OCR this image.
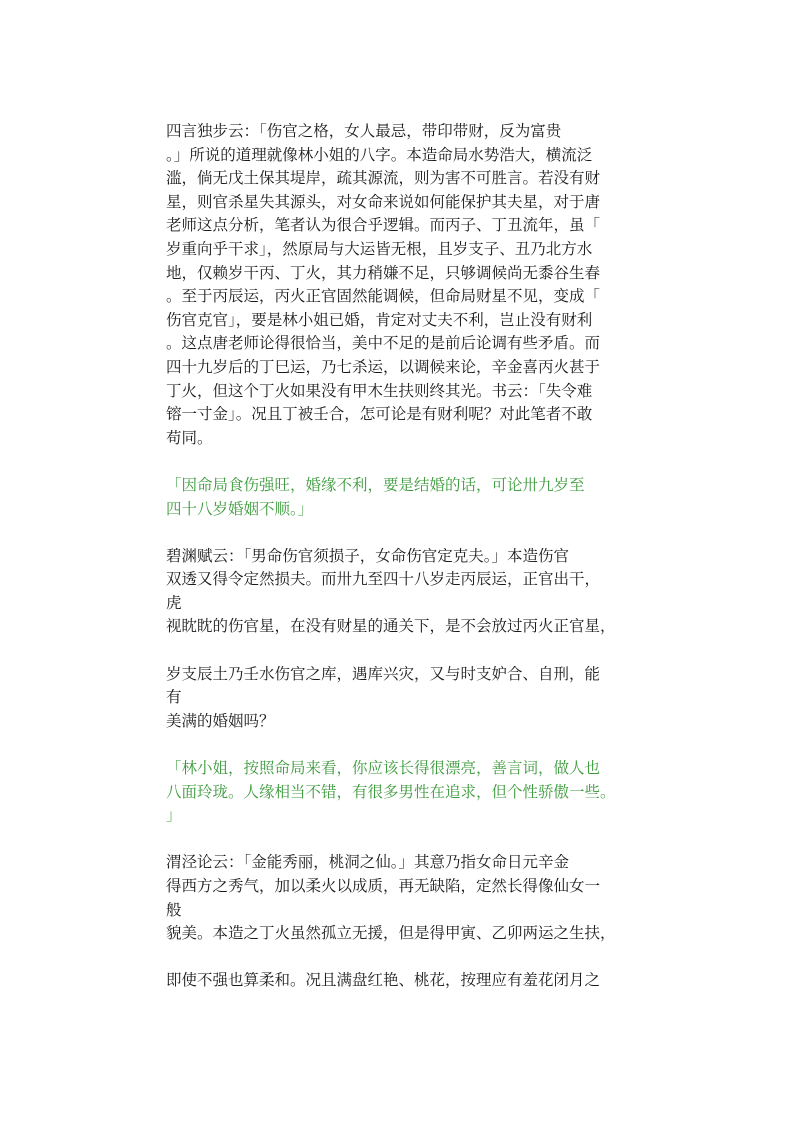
四言独步云：「伤官之格，女人最忌，带印带财，反为富贵
。」所说的道理就像林小姐的八字。本造命局水势浩大，横流泛
滥，倘无戊土保其堤岸，疏其源流，则为害不可胜言。若没有财
星，则官杀星失其源头，对女命来说如何能保护其夫星，对于唐
老师这点分析，笔者认为很合乎逻辑。而丙子、丁丑流年，虽「
岁重向乎干求」，然原局与大运皆无根，且岁支子、丑乃北方水
地，仅赖岁干丙、丁火，其力稍嫌不足，只够调候尚无黍谷生春
。至于丙辰运，丙火正官固然能调候，但命局财星不见，变成「
伤官克官」，要是林小姐已婚，肯定对丈夫不利，岂止没有财利
。这点唐老师论得很恰当，美中不足的是前后论调有些矛盾。而
四十九岁后的丁巳运，乃七杀运，以调候来论，辛金喜丙火甚于
丁火，但这个丁火如果没有甲木生扶则终其光。书云：「失令难
镕一寸金」。况且丁被壬合，怎可论是有财利呢？对此笔者不敢
苟同。
「因命局食伤强旺，婚缘不利，要是结婚的话，可论卅九岁至
四十八岁婚姻不顺。」
碧渊赋云：「男命伤官须损子，女命伤官定克夫。」本造伤官
双透又得令定然损夫。而卅九至四十八岁走丙辰运，正官出干，
虎
视眈眈的伤官星，在没有财星的通关下，是不会放过丙火正官星，
岁支辰土乃壬水伤官之库，遇库兴灾，又与时支妒合、自刑，能
有
美满的婚姻吗？
「林小姐，按照命局来看，你应该长得很漂亮，善言词，做人也
八面玲珑。人缘相当不错，有很多男性在追求，但个性骄傲一些。
」
渭泾论云：「金能秀丽，桃洞之仙。」其意乃指女命日元辛金
得西方之秀气，加以柔火以成质，再无缺陷，定然长得像仙女一
般
貌美。本造之丁火虽然孤立无援，但是得甲寅、乙卯两运之生扶，
即使不强也算柔和。况且满盘红艳、桃花，按理应有羞花闭月之
